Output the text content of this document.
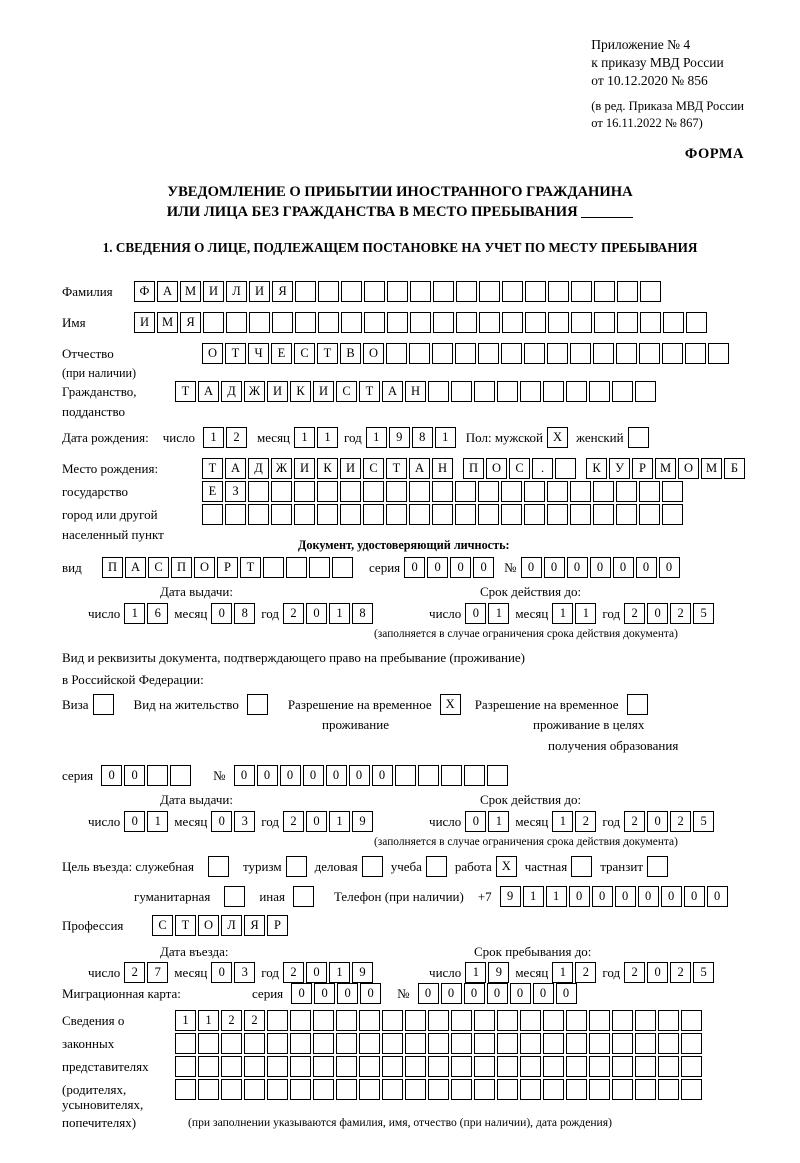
Приложение № 4
к приказу МВД России
от 10.12.2020 № 856
(в ред. Приказа МВД России
от 16.11.2022 № 867)
ФОРМА
УВЕДОМЛЕНИЕ О ПРИБЫТИИ ИНОСТРАННОГО ГРАЖДАНИНА
ИЛИ ЛИЦА БЕЗ ГРАЖДАНСТВА В МЕСТО ПРЕБЫВАНИЯ
1. СВЕДЕНИЯ О ЛИЦЕ, ПОДЛЕЖАЩЕМ ПОСТАНОВКЕ НА УЧЕТ ПО МЕСТУ ПРЕБЫВАНИЯ
Фамилия	Ф	А	М	И	Л	И	Я
Имя	И	М	Я
Отчество	О	Т	Ч	Е	С	Т	В	О
(при наличии)
Гражданство,	Т	А	Д	Ж	И	К	И	С	Т	А	Н
подданство
Дата рождения: число	1	2	месяц 1	1	год 1	9	8	1	Пол: мужской Х	женский
Место рождения:	Т	А	Д	Ж	И	К	И	С	Т	А	Н	П	О	С	.	К	У	Р	М	О	М	Б
государство	Е	З
город или другой
населенный пункт
Документ, удостоверяющий личность:
вид	П	А	С	П	О	Р	Т	серия 0	0	0	0	№ 0	0	0	0	0	0	0
Дата выдачи:	Срок действия до:
число 1	6	месяц 0	8	год 2	0	1	8	число 0	1	месяц 1	1	год 2	0	2	5
(заполняется в случае ограничения срока действия документа)
Вид и реквизиты документа, подтверждающего право на пребывание (проживание)
в Российской Федерации:
Виза	Вид на жительство	Разрешение на временное	Х	Разрешение на временное
проживание	проживание в целях
получения образования
серия	0	0	№	0	0	0	0	0	0	0
Дата выдачи:	Срок действия до:
число 0	1	месяц 0	3	год 2	0	1	9	число 0	1	месяц 1	2	год 2	0	2	5
(заполняется в случае ограничения срока действия документа)
Цель въезда: служебная	туризм	деловая	учеба	работа Х	частная	транзит
гуманитарная	иная	Телефон (при наличии) +7	9	1	1	0	0	0	0	0	0	0
Профессия	С	Т	О	Л	Я	Р
Дата въезда:	Срок пребывания до:
число 2	7	месяц 0	3	год 2	0	1	9	число 1	9	месяц 1	2	год 2	0	2	5
Миграционная карта:	серия	0	0	0	0	№	0	0	0	0	0	0	0
Сведения о	1	1	2	2
законных
представителях
(родителях,
усыновителях,
попечителях)	(при заполнении указываются фамилия, имя, отчество (при наличии), дата рождения)
